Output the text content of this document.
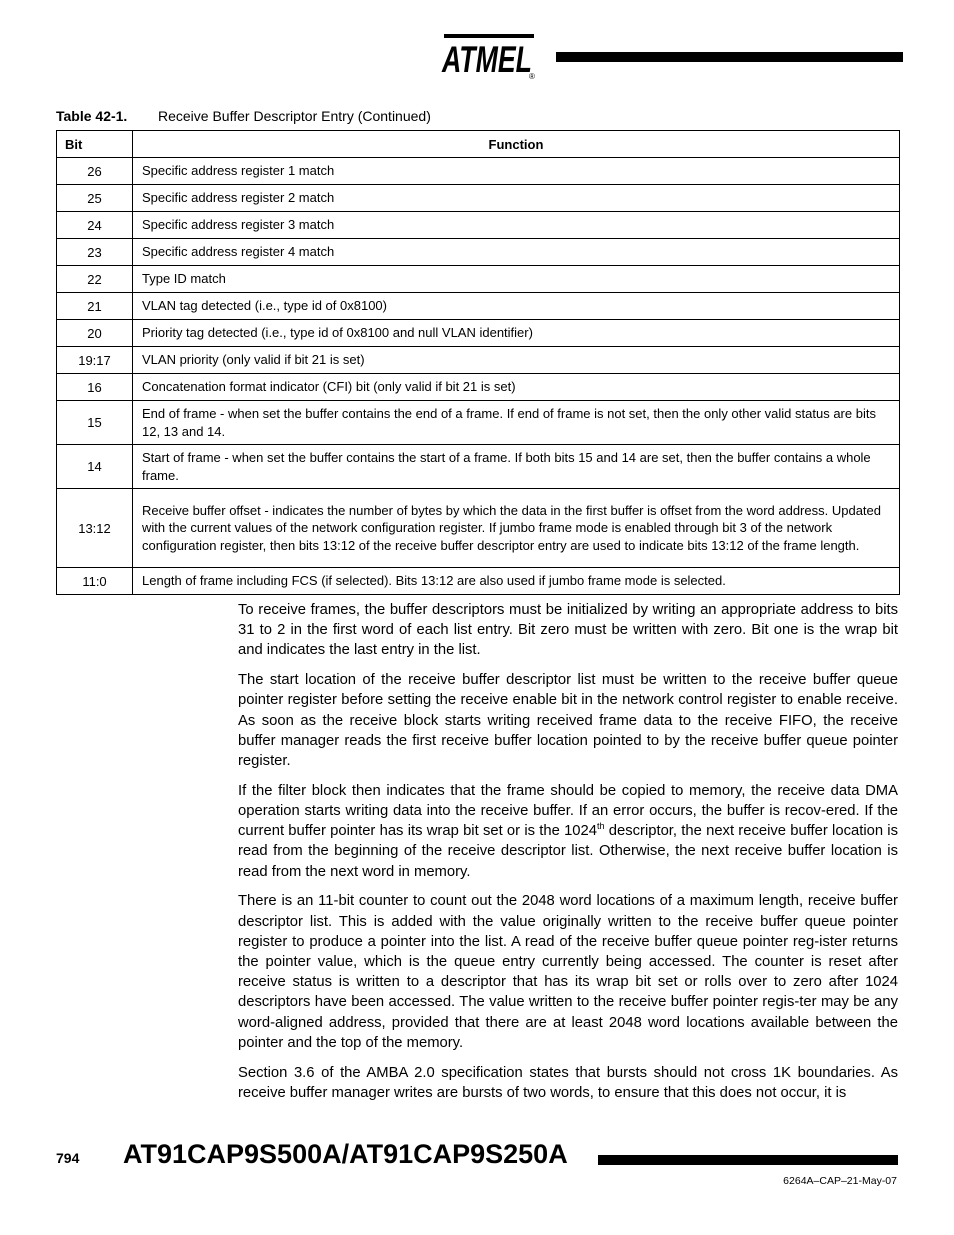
ATMEL
®
Table 42-1. Receive Buffer Descriptor Entry (Continued)
Bit	Function
26	Specific address register 1 match
25	Specific address register 2 match
24	Specific address register 3 match
23	Specific address register 4 match
22	Type ID match
21	VLAN tag detected (i.e., type id of 0x8100)
20	Priority tag detected (i.e., type id of 0x8100 and null VLAN identifier)
19:17	VLAN priority (only valid if bit 21 is set)
16	Concatenation format indicator (CFI) bit (only valid if bit 21 is set)
15	End of frame - when set the buffer contains the end of a frame. If end of frame is not set, then the only other valid status are bits 12, 13 and 14.
14	Start of frame - when set the buffer contains the start of a frame. If both bits 15 and 14 are set, then the buffer contains a whole frame.
13:12	Receive buffer offset - indicates the number of bytes by which the data in the first buffer is offset from the word address. Updated with the current values of the network configuration register. If jumbo frame mode is enabled through bit 3 of the network configuration register, then bits 13:12 of the receive buffer descriptor entry are used to indicate bits 13:12 of the frame length.
11:0	Length of frame including FCS (if selected). Bits 13:12 are also used if jumbo frame mode is selected.

To receive frames, the buffer descriptors must be initialized by writing an appropriate address to bits 31 to 2 in the first word of each list entry. Bit zero must be written with zero. Bit one is the wrap bit and indicates the last entry in the list.

The start location of the receive buffer descriptor list must be written to the receive buffer queue pointer register before setting the receive enable bit in the network control register to enable receive. As soon as the receive block starts writing received frame data to the receive FIFO, the receive buffer manager reads the first receive buffer location pointed to by the receive buffer queue pointer register.

If the filter block then indicates that the frame should be copied to memory, the receive data DMA operation starts writing data into the receive buffer. If an error occurs, the buffer is recov-ered. If the current buffer pointer has its wrap bit set or is the 1024th descriptor, the next receive buffer location is read from the beginning of the receive descriptor list. Otherwise, the next receive buffer location is read from the next word in memory.

There is an 11-bit counter to count out the 2048 word locations of a maximum length, receive buffer descriptor list. This is added with the value originally written to the receive buffer queue pointer register to produce a pointer into the list. A read of the receive buffer queue pointer reg-ister returns the pointer value, which is the queue entry currently being accessed. The counter is reset after receive status is written to a descriptor that has its wrap bit set or rolls over to zero after 1024 descriptors have been accessed. The value written to the receive buffer pointer regis-ter may be any word-aligned address, provided that there are at least 2048 word locations available between the pointer and the top of the memory.

Section 3.6 of the AMBA 2.0 specification states that bursts should not cross 1K boundaries. As receive buffer manager writes are bursts of two words, to ensure that this does not occur, it is

794 AT91CAP9S500A/AT91CAP9S250A
6264A–CAP–21-May-07
